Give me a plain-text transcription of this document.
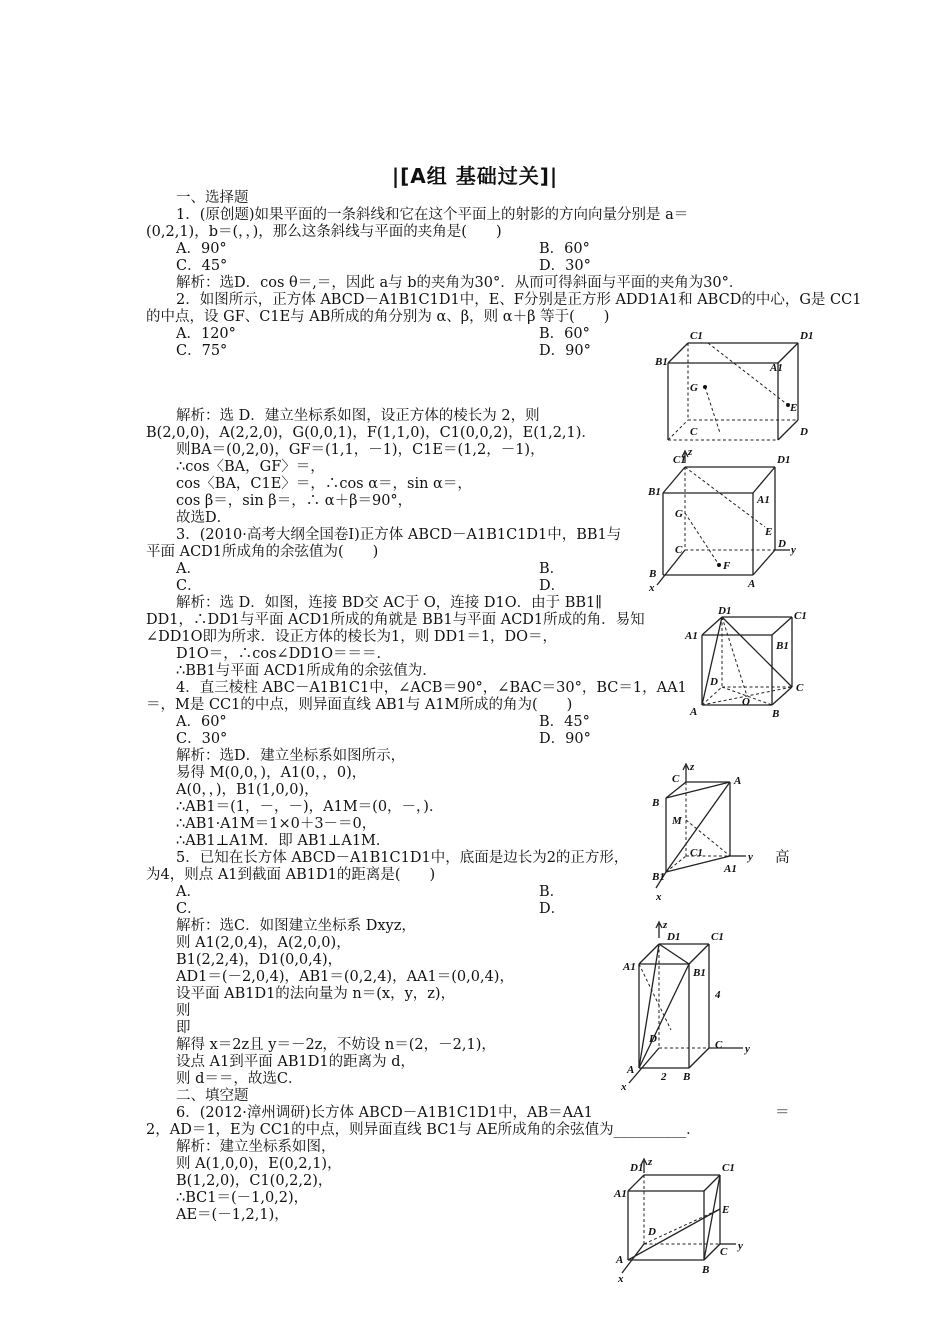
|[A组 基础过关]|
一、选择题
1．(原创题)如果平面的一条斜线和它在这个平面上的射影的方向向量分别是 a＝
(0,2,1)，b＝(，，)，那么这条斜线与平面的夹角是(　　)
A．90°	B．60°
C．45°	D．30°
解析：选D．cos θ＝,＝，因此 a与 b的夹角为30°．从而可得斜面与平面的夹角为30°．
2．如图所示，正方体 ABCD－A1B1C1D1中，E、F分别是正方形 ADD1A1和 ABCD的中心，G是 CC1
的中点，设 GF、C1E与 AB所成的角分别为 α、β，则 α＋β 等于(　　)
A．120°	B．60°
C．75°	D．90°
解析：选 D．建立坐标系如图，设正方体的棱长为 2，则
B(2,0,0)，A(2,2,0)，G(0,0,1)，F(1,1,0)，C1(0,0,2)，E(1,2,1)．
则BA＝(0,2,0)，GF＝(1,1，－1)，C1E＝(1,2，－1)，
∴cos〈BA，GF〉＝，
cos〈BA，C1E〉＝，∴cos α＝，sin α＝，
cos β＝，sin β＝，∴ α＋β＝90°，
故选D．
3．(2010·高考大纲全国卷Ⅰ)正方体 ABCD－A1B1C1D1中，BB1与
平面 ACD1所成角的余弦值为(　　)
A．	B．
C．	D．
解析：选 D．如图，连接 BD交 AC于 O，连接 D1O．由于 BB1∥
DD1，∴DD1与平面 ACD1所成的角就是 BB1与平面 ACD1所成的角．易知
∠DD1O即为所求．设正方体的棱长为1，则 DD1＝1，DO＝，
D1O＝，∴cos∠DD1O＝＝＝．
∴BB1与平面 ACD1所成角的余弦值为．
4．直三棱柱 ABC－A1B1C1中，∠ACB＝90°，∠BAC＝30°，BC＝1，AA1
＝，M是 CC1的中点，则异面直线 AB1与 A1M所成的角为(　　)
A．60°	B．45°
C．30°	D．90°
解析：选D．建立坐标系如图所示，
易得 M(0,0，)，A1(0，，0)，
A(0，，)，B1(1,0,0)，
∴AB1＝(1，－，－)，A1M＝(0，－，)．
∴AB1·A1M＝1×0＋3－＝0，
∴AB1⊥A1M．即 AB1⊥A1M．
5．已知在长方体 ABCD－A1B1C1D1中，底面是边长为2的正方形，	高
为4，则点 A1到截面 AB1D1的距离是(　　)
A．	B．
C．	D．
解析：选C．如图建立坐标系 Dxyz，
则 A1(2,0,4)，A(2,0,0)，
B1(2,2,4)，D1(0,0,4)，
AD1＝(－2,0,4)，AB1＝(0,2,4)，AA1＝(0,0,4)，
设平面 AB1D1的法向量为 n＝(x，y，z)，
则
即
解得 x＝2z且 y＝－2z，不妨设 n＝(2，－2,1)，
设点 A1到平面 AB1D1的距离为 d，
则 d＝＝，故选C．
二、填空题
6．(2012·漳州调研)长方体 ABCD－A1B1C1D1中，AB＝AA1	＝
2，AD＝1，E为 CC1的中点，则异面直线 BC1与 AE所成角的余弦值为__________．
解析：建立坐标系如图，
则 A(1,0,0)，E(0,2,1)，
B(1,2,0)，C1(0,2,2)，
∴BC1＝(－1,0,2)，
AE＝(－1,2,1)，
C1	D1
B1	A1
G
E
C	D
z
C1	D1
B1
A1
G
E
C	D y
B
F
A
x
D1	C1
A1
B1
D	C
A
O
B
z
C	A
B
M
C1
B1
A1
y
x
z
D1	C1
A1	B1
4
D	C y
A
2 B
x
z
D1	C1
A1
E
D
A
C y
B
x
